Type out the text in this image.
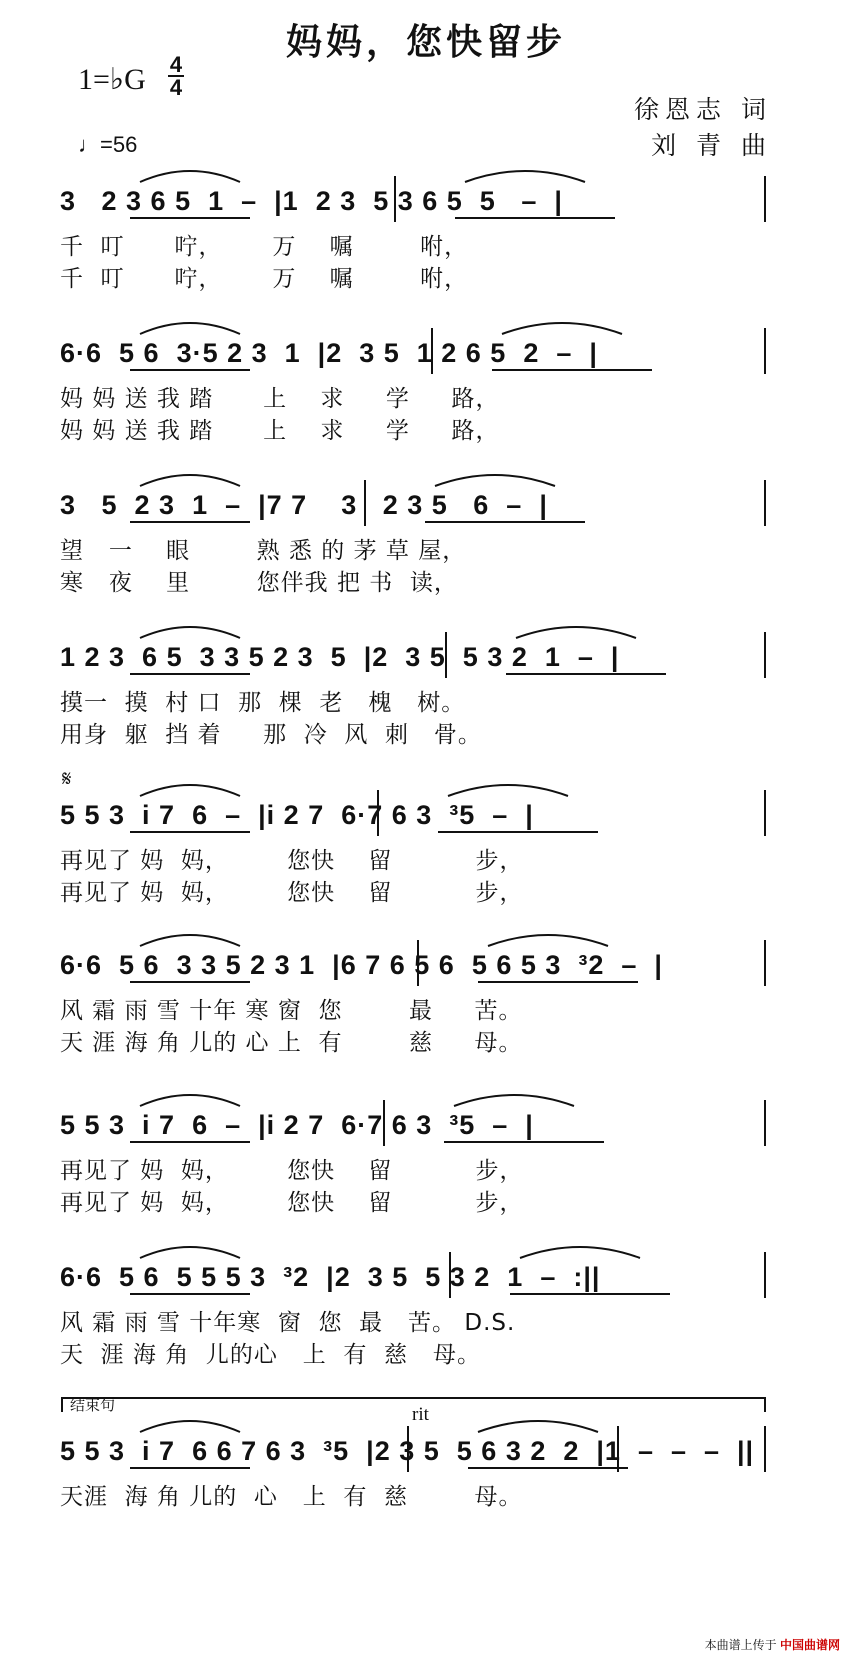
妈妈，您快留步
1=♭G 4
4
♩=56
徐恩志 词
刘 青 曲
3   2 3 6 5  1  –  |1  2 3  5 3 6 5  5   –  |
千  叮      咛，      万    嘱        咐，
千  叮      咛，      万    嘱        咐，
6·6  5 6  3·5 2 3  1  |2  3 5  1 2 6 5  2  –  |
妈 妈 送 我 踏      上    求     学     路，
妈 妈 送 我 踏      上    求     学     路，
3   5  2 3  1  –  |7 7    3   2 3 5   6  –  |
望   一    眼        熟 悉 的 茅 草 屋，
寒   夜    里        您伴我 把 书  读，
1 2 3  6 5  3 3 5 2 3  5  |2  3 5  5 3 2  1  –  |
摸一  摸  村 口  那  棵  老   槐   树。
用身  躯  挡 着     那  冷  风  刺   骨。
𝄋
5 5 3  i 7  6  –  |i 2 7  6·7 6 3  ³5  –  |
再见了 妈  妈，       您快    留          步，
再见了 妈  妈，       您快    留          步，
6·6  5 6  3 3 5 2 3 1  |6 7 6 5 6  5 6 5 3  ³2  –  |
风 霜 雨 雪 十年 寒 窗  您        最     苦。
天 涯 海 角 儿的 心 上  有        慈     母。
5 5 3  i 7  6  –  |i 2 7  6·7 6 3  ³5  –  |
再见了 妈  妈，       您快    留          步，
再见了 妈  妈，       您快    留          步，
6·6  5 6  5 5 5 3  ³2  |2  3 5  5 3 2  1  –  :||
风 霜 雨 雪 十年寒  窗  您  最   苦。 D.S.
天  涯 海 角  儿的心   上  有  慈   母。
结束句	rit
5 5 3  i 7  6 6 7 6 3  ³5  |2 3 5  5 6 3 2  2  |1  –  –  –  ||
天涯  海 角 儿的  心   上  有  慈        母。
本曲谱上传于 中国曲谱网
